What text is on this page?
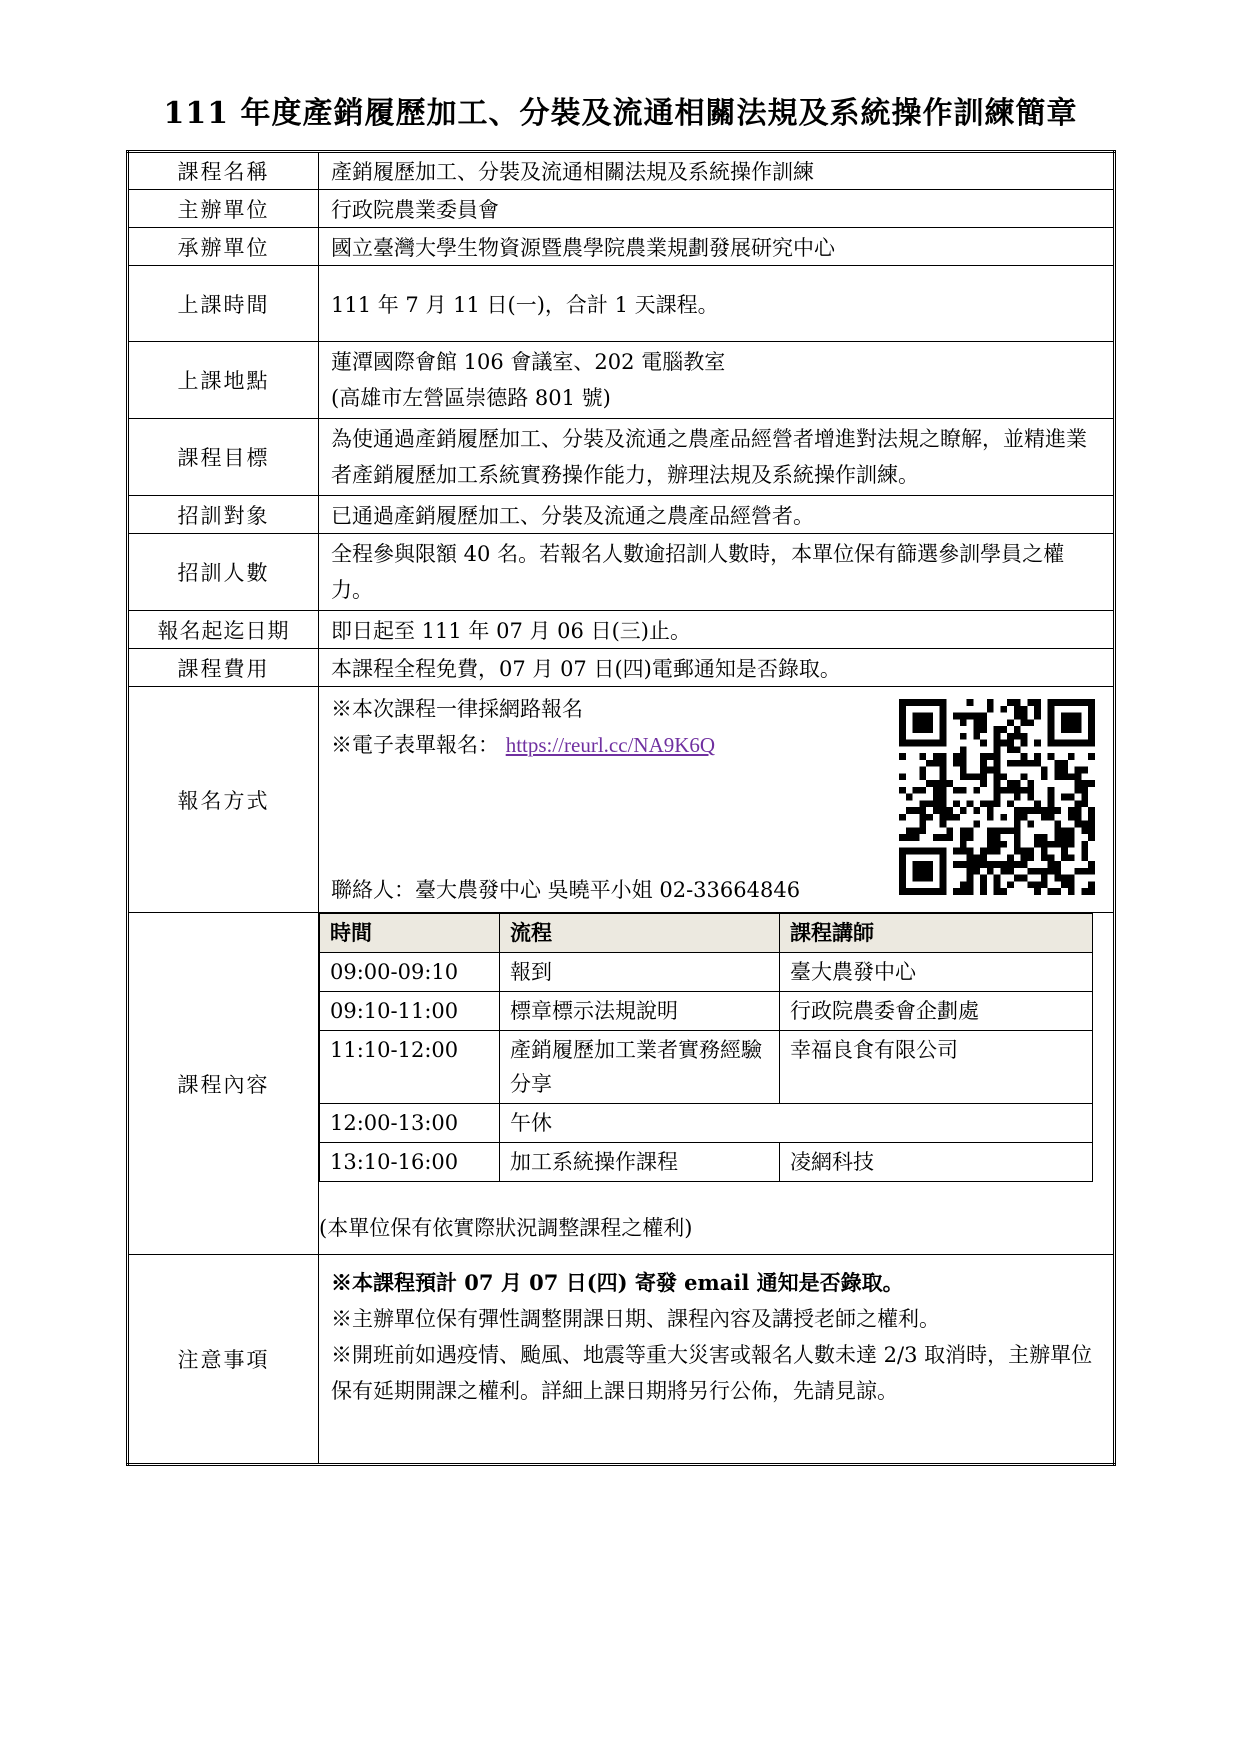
111 年度產銷履歷加工、分裝及流通相關法規及系統操作訓練簡章
課程名稱	產銷履歷加工、分裝及流通相關法規及系統操作訓練
主辦單位	行政院農業委員會
承辦單位	國立臺灣大學生物資源暨農學院農業規劃發展研究中心
上課時間	111 年 7 月 11 日(一)，合計 1 天課程。
上課地點	
蓮潭國際會館 106 會議室、202 電腦教室
(高雄市左營區崇德路 801 號)

課程目標	為使通過產銷履歷加工、分裝及流通之農產品經營者增進對法規之瞭解，並精進業者產銷履歷加工系統實務操作能力，辦理法規及系統操作訓練。
招訓對象	已通過產銷履歷加工、分裝及流通之農產品經營者。
招訓人數	全程參與限額 40 名。若報名人數逾招訓人數時，本單位保有篩選參訓學員之權力。
報名起迄日期	即日起至 111 年 07 月 06 日(三)止。
課程費用	本課程全程免費，07 月 07 日(四)電郵通知是否錄取。
報名方式	
※本次課程一律採網路報名
※電子表單報名： https://reurl.cc/NA9K6Q
聯絡人：臺大農發中心 吳曉平小姐 02-33664846

課程內容	
時間	流程	課程講師
09:00-09:10	報到	臺大農發中心
09:10-11:00	標章標示法規說明	行政院農委會企劃處
11:10-12:00	產銷履歷加工業者實務經驗分享	幸福良食有限公司
12:00-13:00	午休
13:10-16:00	加工系統操作課程	凌網科技
(本單位保有依實際狀況調整課程之權利)

注意事項	
※本課程預計 07 月 07 日(四) 寄發 email 通知是否錄取。
※主辦單位保有彈性調整開課日期、課程內容及講授老師之權利。
※開班前如遇疫情、颱風、地震等重大災害或報名人數未達 2/3 取消時，主辦單位保有延期開課之權利。詳細上課日期將另行公佈，先請見諒。
